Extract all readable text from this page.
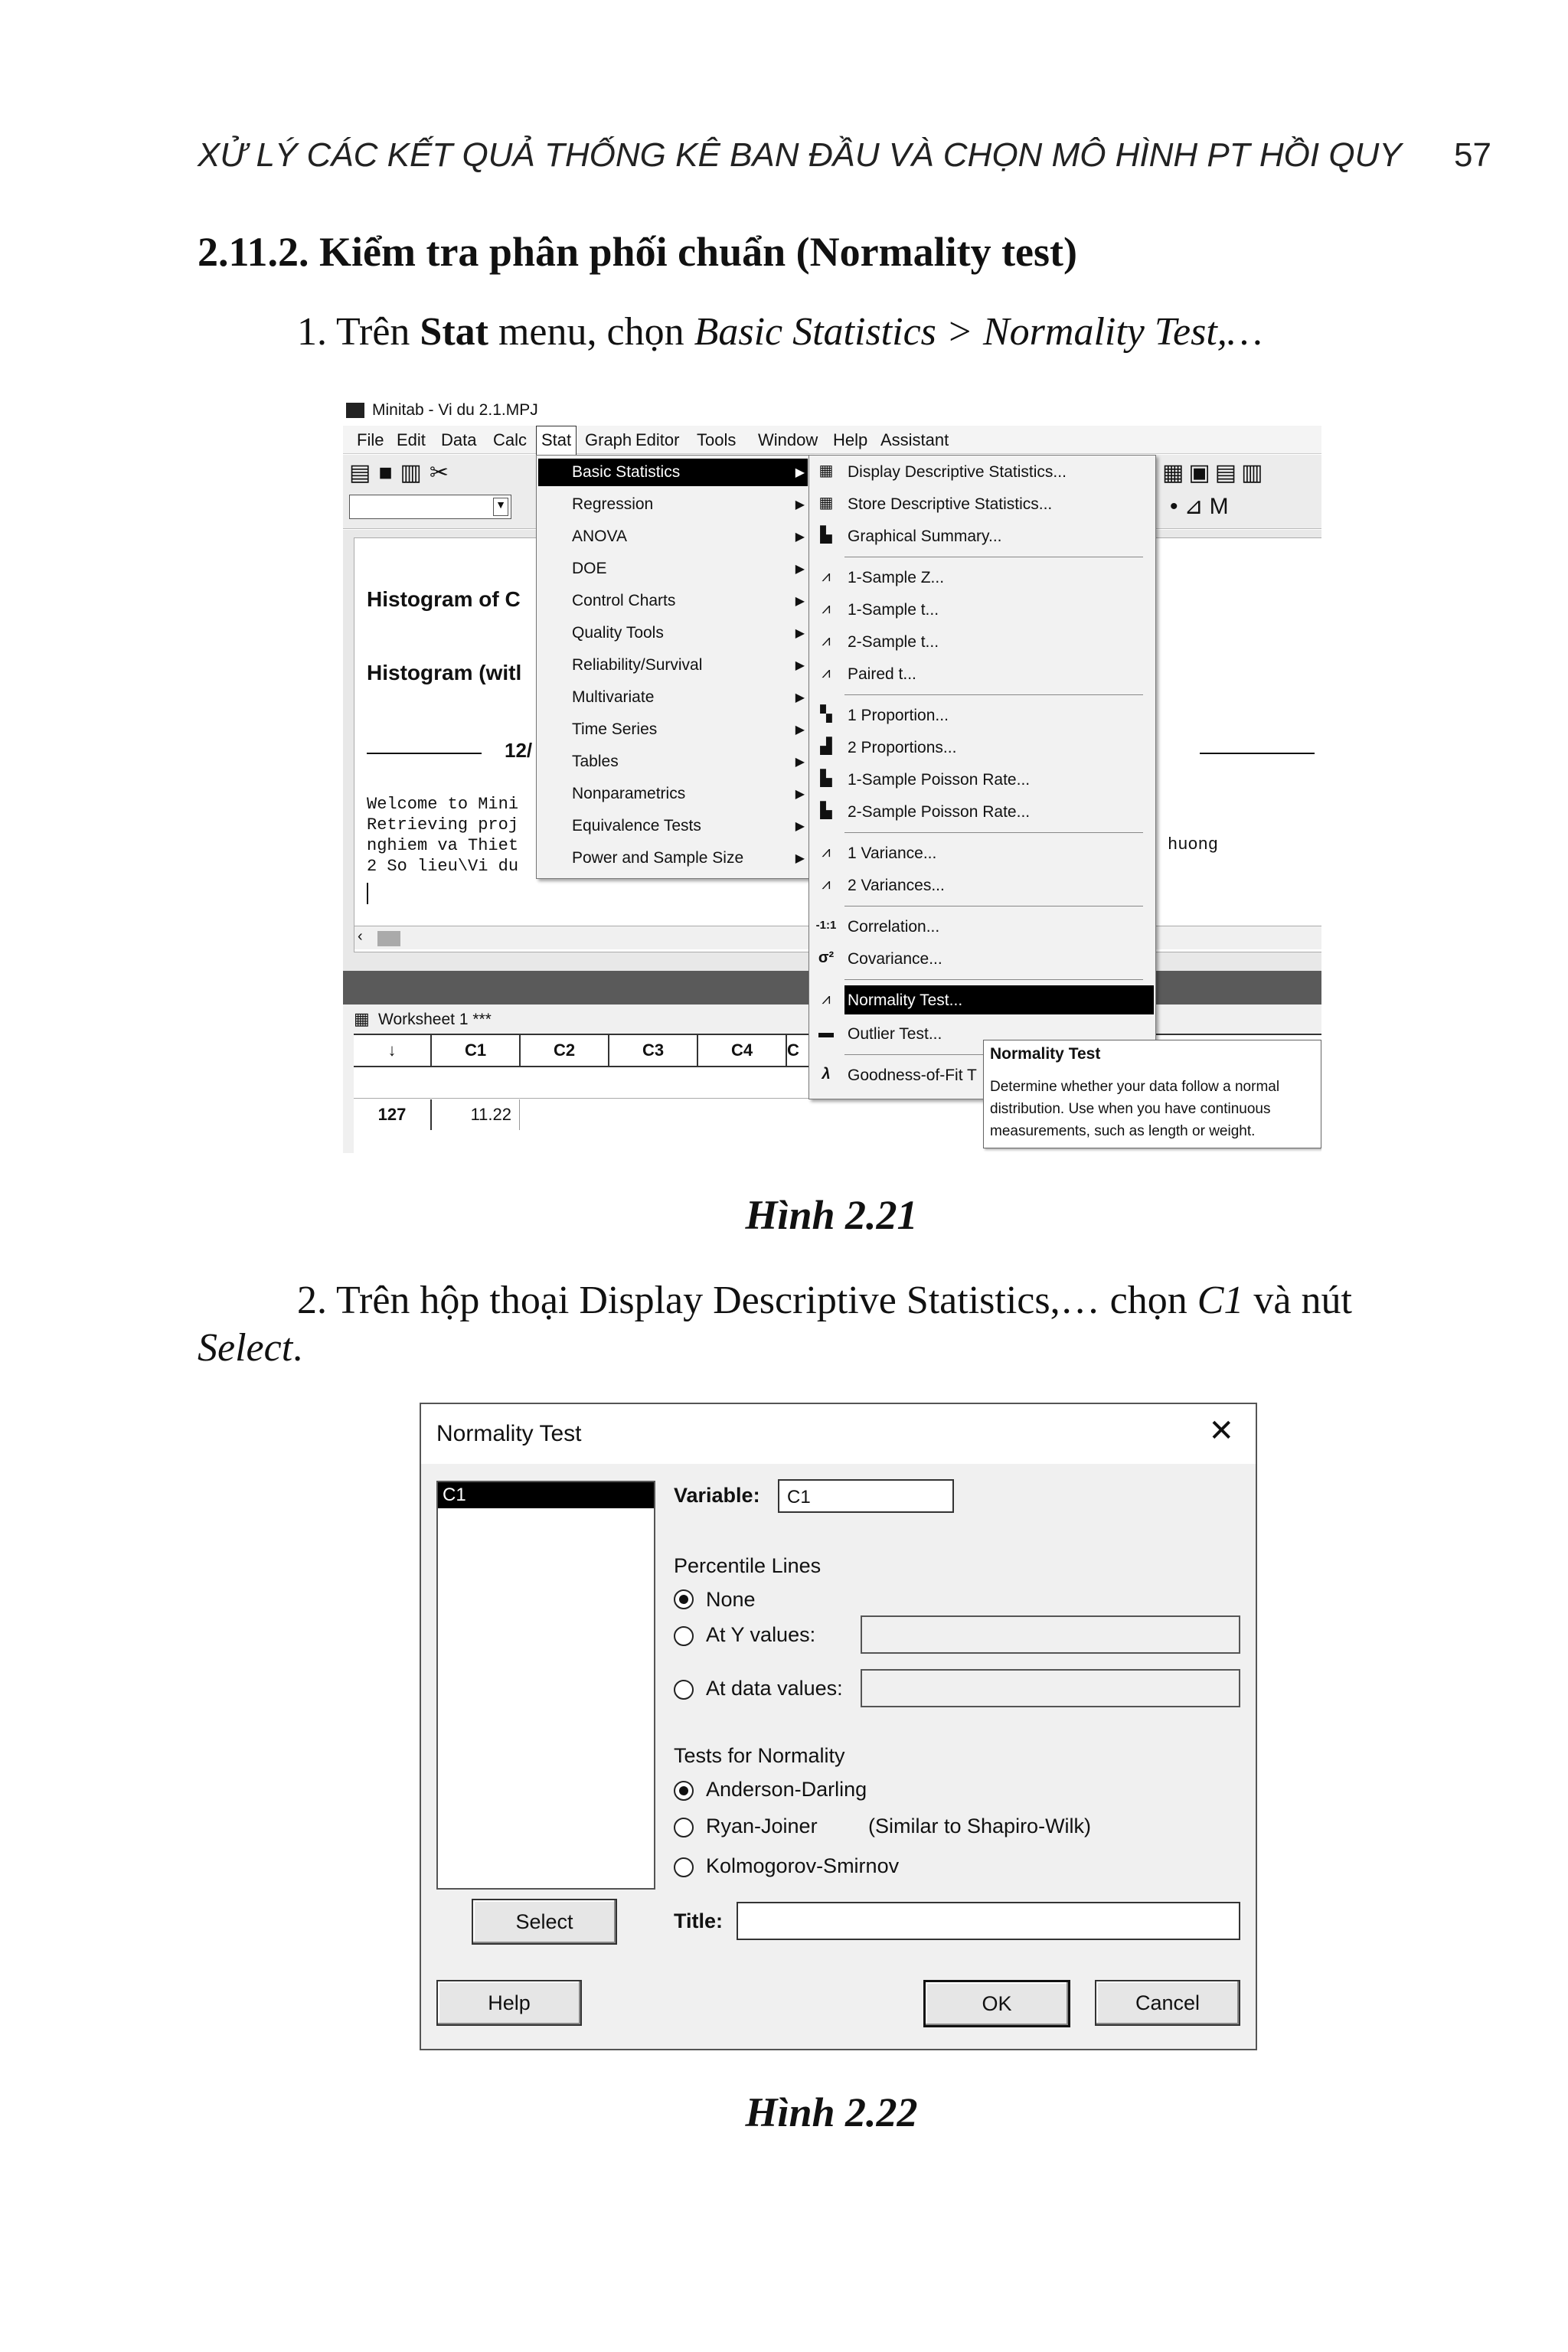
XỬ LÝ CÁC KẾT QUẢ THỐNG KÊ BAN ĐẦU VÀ CHỌN MÔ HÌNH PT HỒI QUY 57
2.11.2. Kiểm tra phân phối chuẩn (Normality test)
1. Trên Stat menu, chọn Basic Statistics > Normality Test,…
Minitab - Vi du 2.1.MPJ
File Edit Data Calc Stat Graph Editor Tools Window Help Assistant
▤■▥✂
▼
▦▣▤▥
•⊿M
Histogram of C
Histogram (witl
12/
Welcome to Mini
Retrieving proj
nghiem va Thiet
2 So lieu\Vi du
huong
‹
▦ Worksheet 1 ***
↓	C1	C2	C3	C4	C
127	11.22
Basic Statistics	▶
Regression	▶
ANOVA	▶
DOE	▶
Control Charts	▶
Quality Tools	▶
Reliability/Survival	▶
Multivariate	▶
Time Series	▶
Tables	▶
Nonparametrics	▶
Equivalence Tests	▶
Power and Sample Size	▶
▦ Display Descriptive Statistics...
▦ Store Descriptive Statistics...
▙ Graphical Summary...
⩘	1-Sample Z...
⩘	1-Sample t...
⩘	2-Sample t...
⩘	Paired t...
▚ 1 Proportion...
▟ 2 Proportions...
▙ 1-Sample Poisson Rate...
▙ 2-Sample Poisson Rate...
⩘	1 Variance...
⩘	2 Variances...
-1:1 Correlation...
σ² Covariance...
⩘	Normality Test...
▬ Outlier Test...
λ	Goodness-of-Fit T
Normality Test
Determine whether your data follow a normal
distribution. Use when you have continuous
measurements, such as length or weight.
Hình 2.21
2. Trên hộp thoại Display Descriptive Statistics,… chọn C1 và nút
Select.
Normality Test	✕
C1
Select
Variable:	C1
Percentile Lines
None
At Y values:
At data values:
Tests for Normality
Anderson-Darling
Ryan-Joiner (Similar to Shapiro-Wilk)
Kolmogorov-Smirnov
Title:
Help	OK	Cancel
Hình 2.22
